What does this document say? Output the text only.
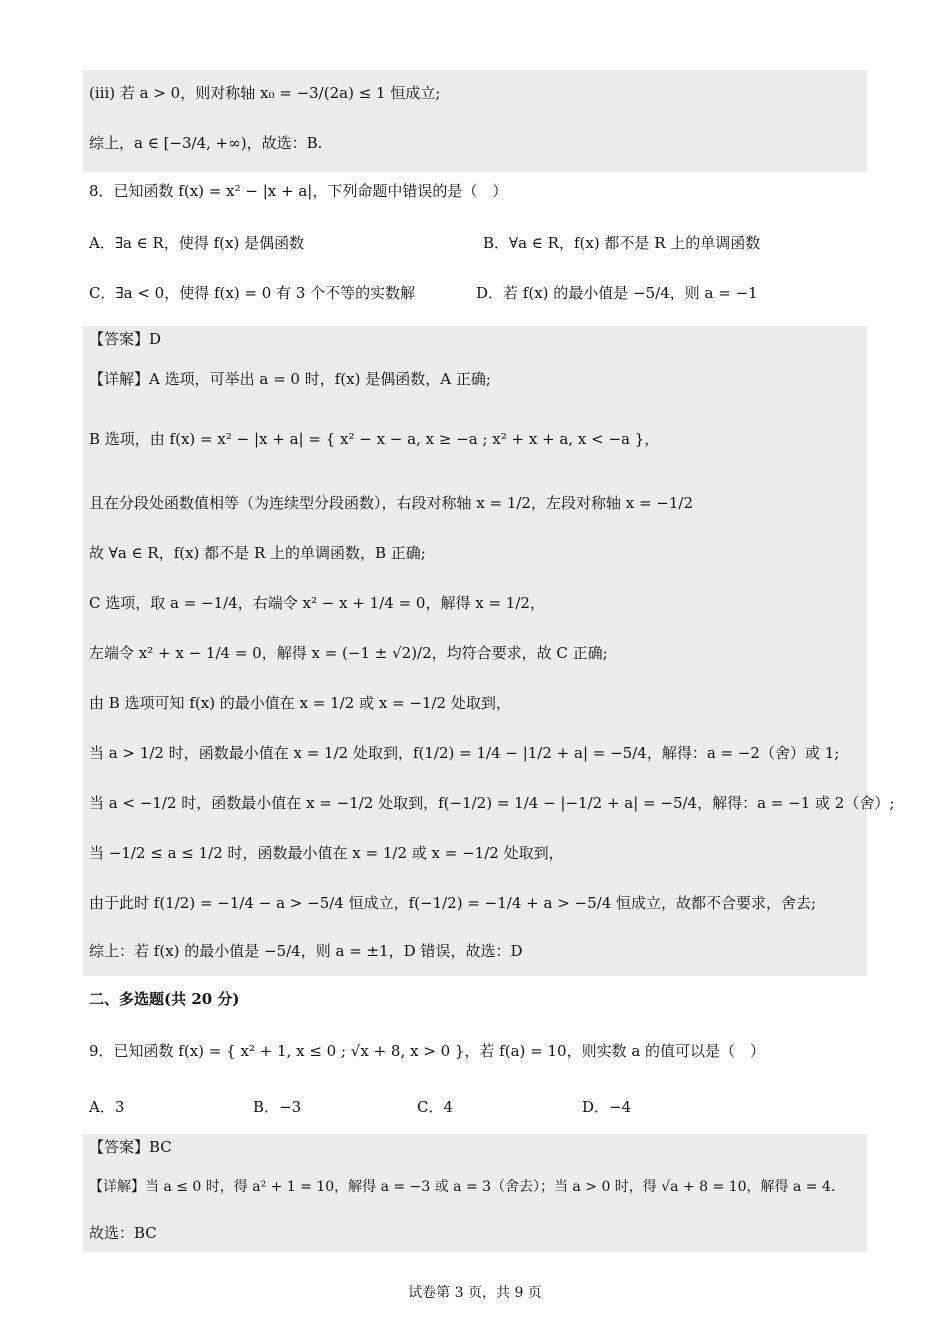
(iii) 若 a > 0，则对称轴 x₀ = −3/(2a) ≤ 1 恒成立;
综上，a ∈ [−3/4, +∞)，故选：B.
8．已知函数 f(x) = x² − |x + a|，下列命题中错误的是（　）
A．∃a ∈ R，使得 f(x) 是偶函数	B．∀a ∈ R，f(x) 都不是 R 上的单调函数
C．∃a < 0，使得 f(x) = 0 有 3 个不等的实数解	D．若 f(x) 的最小值是 −5/4，则 a = −1
【答案】D
【详解】A 选项，可举出 a = 0 时，f(x) 是偶函数，A 正确;
B 选项，由 f(x) = x² − |x + a| = { x² − x − a, x ≥ −a ; x² + x + a, x < −a }，
且在分段处函数值相等（为连续型分段函数），右段对称轴 x = 1/2，左段对称轴 x = −1/2
故 ∀a ∈ R，f(x) 都不是 R 上的单调函数，B 正确;
C 选项，取 a = −1/4，右端令 x² − x + 1/4 = 0，解得 x = 1/2，
左端令 x² + x − 1/4 = 0，解得 x = (−1 ± √2)/2，均符合要求，故 C 正确;
由 B 选项可知 f(x) 的最小值在 x = 1/2 或 x = −1/2 处取到，
当 a > 1/2 时，函数最小值在 x = 1/2 处取到，f(1/2) = 1/4 − |1/2 + a| = −5/4，解得：a = −2（舍）或 1;
当 a < −1/2 时，函数最小值在 x = −1/2 处取到，f(−1/2) = 1/4 − |−1/2 + a| = −5/4，解得：a = −1 或 2（舍）;
当 −1/2 ≤ a ≤ 1/2 时，函数最小值在 x = 1/2 或 x = −1/2 处取到，
由于此时 f(1/2) = −1/4 − a > −5/4 恒成立，f(−1/2) = −1/4 + a > −5/4 恒成立，故都不合要求，舍去;
综上：若 f(x) 的最小值是 −5/4，则 a = ±1，D 错误，故选：D
二、多选题(共 20 分)
9．已知函数 f(x) = { x² + 1, x ≤ 0 ; √x + 8, x > 0 }，若 f(a) = 10，则实数 a 的值可以是（　）
A．3	B．−3	C．4	D．−4
【答案】BC
【详解】当 a ≤ 0 时，得 a² + 1 = 10，解得 a = −3 或 a = 3（舍去）；当 a > 0 时，得 √a + 8 = 10，解得 a = 4.
故选：BC
试卷第 3 页，共 9 页
